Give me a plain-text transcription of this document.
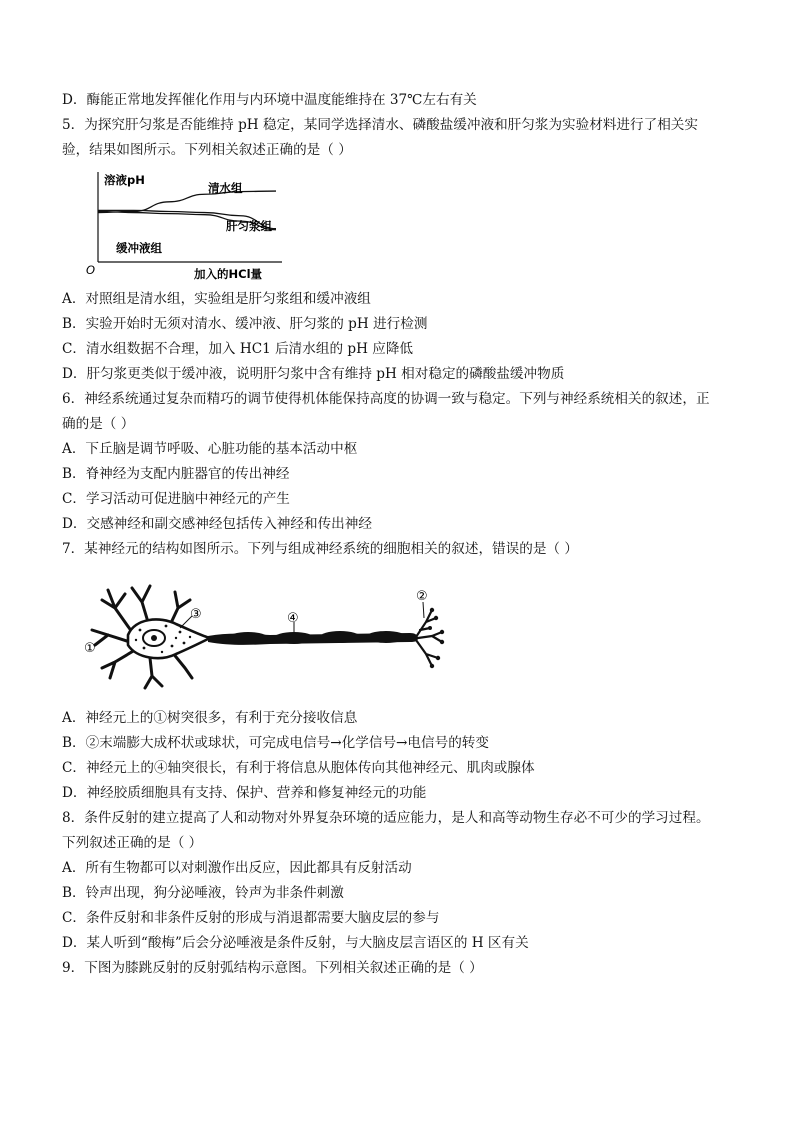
D．酶能正常地发挥催化作用与内环境中温度能维持在 37℃左右有关
5．为探究肝匀浆是否能维持 pH 稳定，某同学选择清水、磷酸盐缓冲液和肝匀浆为实验材料进行了相关实
验，结果如图所示。下列相关叙述正确的是（ ）
溶液pH
加入的HCl量
O
清水组
肝匀浆组
缓冲液组
A．对照组是清水组，实验组是肝匀浆组和缓冲液组
B．实验开始时无须对清水、缓冲液、肝匀浆的 pH 进行检测
C．清水组数据不合理，加入 HC1 后清水组的 pH 应降低
D．肝匀浆更类似于缓冲液，说明肝匀浆中含有维持 pH 相对稳定的磷酸盐缓冲物质
6．神经系统通过复杂而精巧的调节使得机体能保持高度的协调一致与稳定。下列与神经系统相关的叙述，正
确的是（ ）
A．下丘脑是调节呼吸、心脏功能的基本活动中枢
B．脊神经为支配内脏器官的传出神经
C．学习活动可促进脑中神经元的产生
D．交感神经和副交感神经包括传入神经和传出神经
7．某神经元的结构如图所示。下列与组成神经系统的细胞相关的叙述，错误的是（ ）
①
②
③	④
A．神经元上的①树突很多，有利于充分接收信息
B．②末端膨大成杯状或球状，可完成电信号→化学信号→电信号的转变
C．神经元上的④轴突很长，有利于将信息从胞体传向其他神经元、肌肉或腺体
D．神经胶质细胞具有支持、保护、营养和修复神经元的功能
8．条件反射的建立提高了人和动物对外界复杂环境的适应能力，是人和高等动物生存必不可少的学习过程。
下列叙述正确的是（ ）
A．所有生物都可以对刺激作出反应，因此都具有反射活动
B．铃声出现，狗分泌唾液，铃声为非条件刺激
C．条件反射和非条件反射的形成与消退都需要大脑皮层的参与
D．某人听到“酸梅”后会分泌唾液是条件反射，与大脑皮层言语区的 H 区有关
9．下图为膝跳反射的反射弧结构示意图。下列相关叙述正确的是（ ）
